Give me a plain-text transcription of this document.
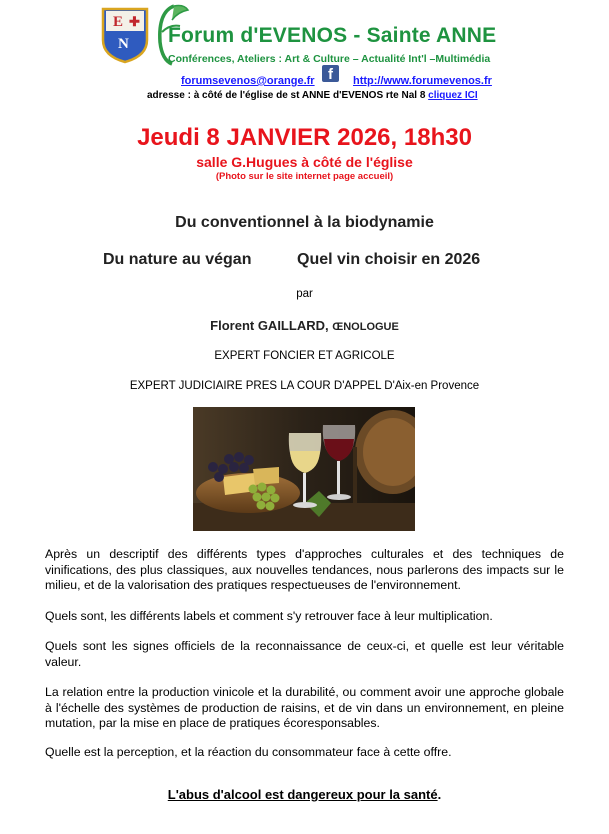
E ✚
N Forum d'EVENOS - Sainte ANNE
Conférences, Ateliers : Art & Culture – Actualité Int'l –Multimédia
forumsevenos@orange.fr f	http://www.forumevenos.fr
adresse : à côté de l'église de st ANNE d'EVENOS rte Nal 8 cliquez ICI
Jeudi 8 JANVIER 2026, 18h30
salle G.Hugues à côté de l'église
(Photo sur le site internet page accueil)
Du conventionnel à la biodynamie
Du nature au végan	Quel vin choisir en 2026
par
Florent GAILLARD, ŒNOLOGUE
EXPERT FONCIER ET AGRICOLE
EXPERT JUDICIAIRE PRES LA COUR D'APPEL D'Aix-en Provence
Après un descriptif des différents types d'approches culturales et des techniques de vinifications, des plus classiques, aux nouvelles tendances, nous parlerons des impacts sur le milieu, et de la valorisation des pratiques respectueuses de l'environnement.
Quels sont, les différents labels et comment s'y retrouver face à leur multiplication.
Quels sont les signes officiels de la reconnaissance de ceux-ci, et quelle est leur véritable valeur.
La relation entre la production vinicole et la durabilité, ou comment avoir une approche globale à l'échelle des systèmes de production de raisins, et de vin dans un environnement, en pleine mutation, par la mise en place de pratiques écoresponsables.
Quelle est la perception, et la réaction du consommateur face à cette offre.
L'abus d'alcool est dangereux pour la santé.
